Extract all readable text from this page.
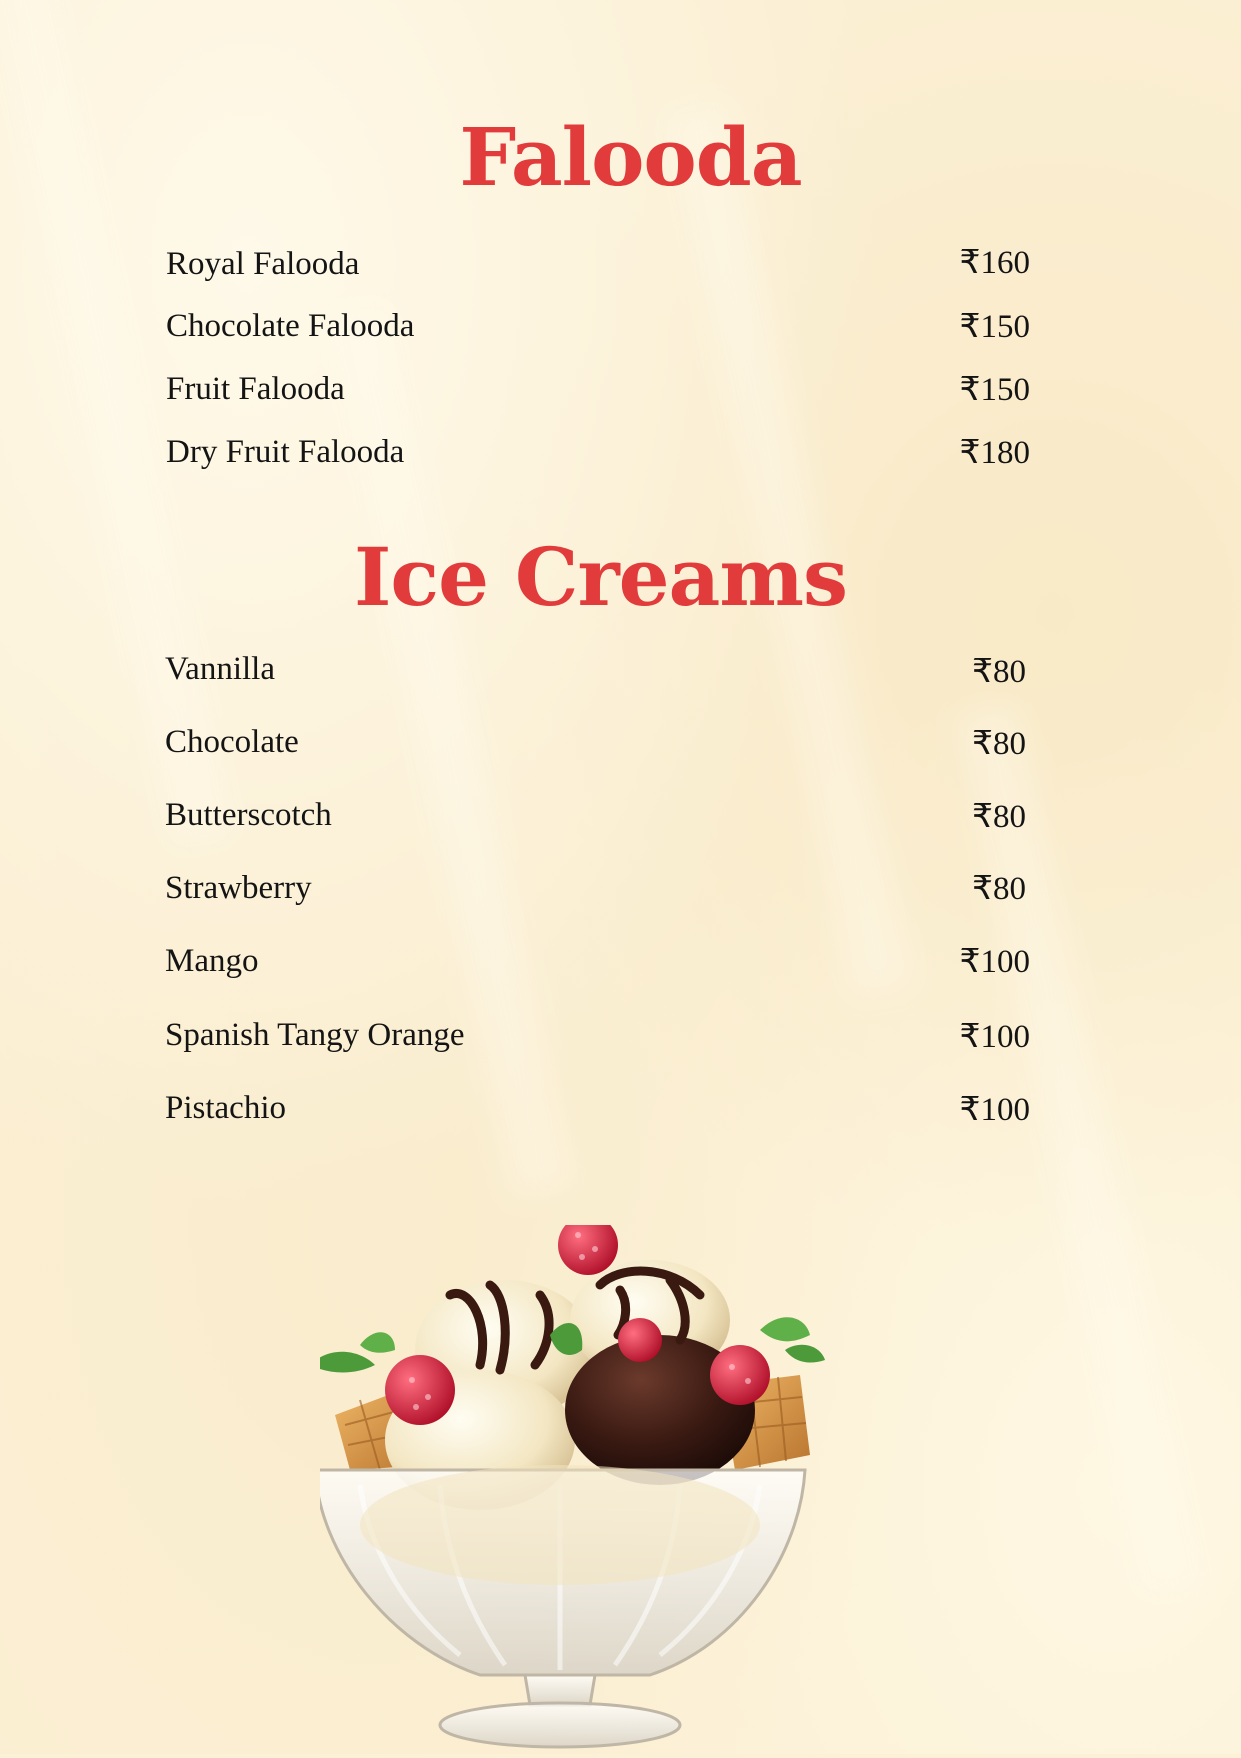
Falooda
Royal Falooda	₹160
Chocolate Falooda	₹150
Fruit Falooda	₹150
Dry Fruit Falooda	₹180
Ice Creams
Vannilla	₹80
Chocolate	₹80
Butterscotch	₹80
Strawberry	₹80
Mango	₹100
Spanish Tangy Orange	₹100
Pistachio	₹100
